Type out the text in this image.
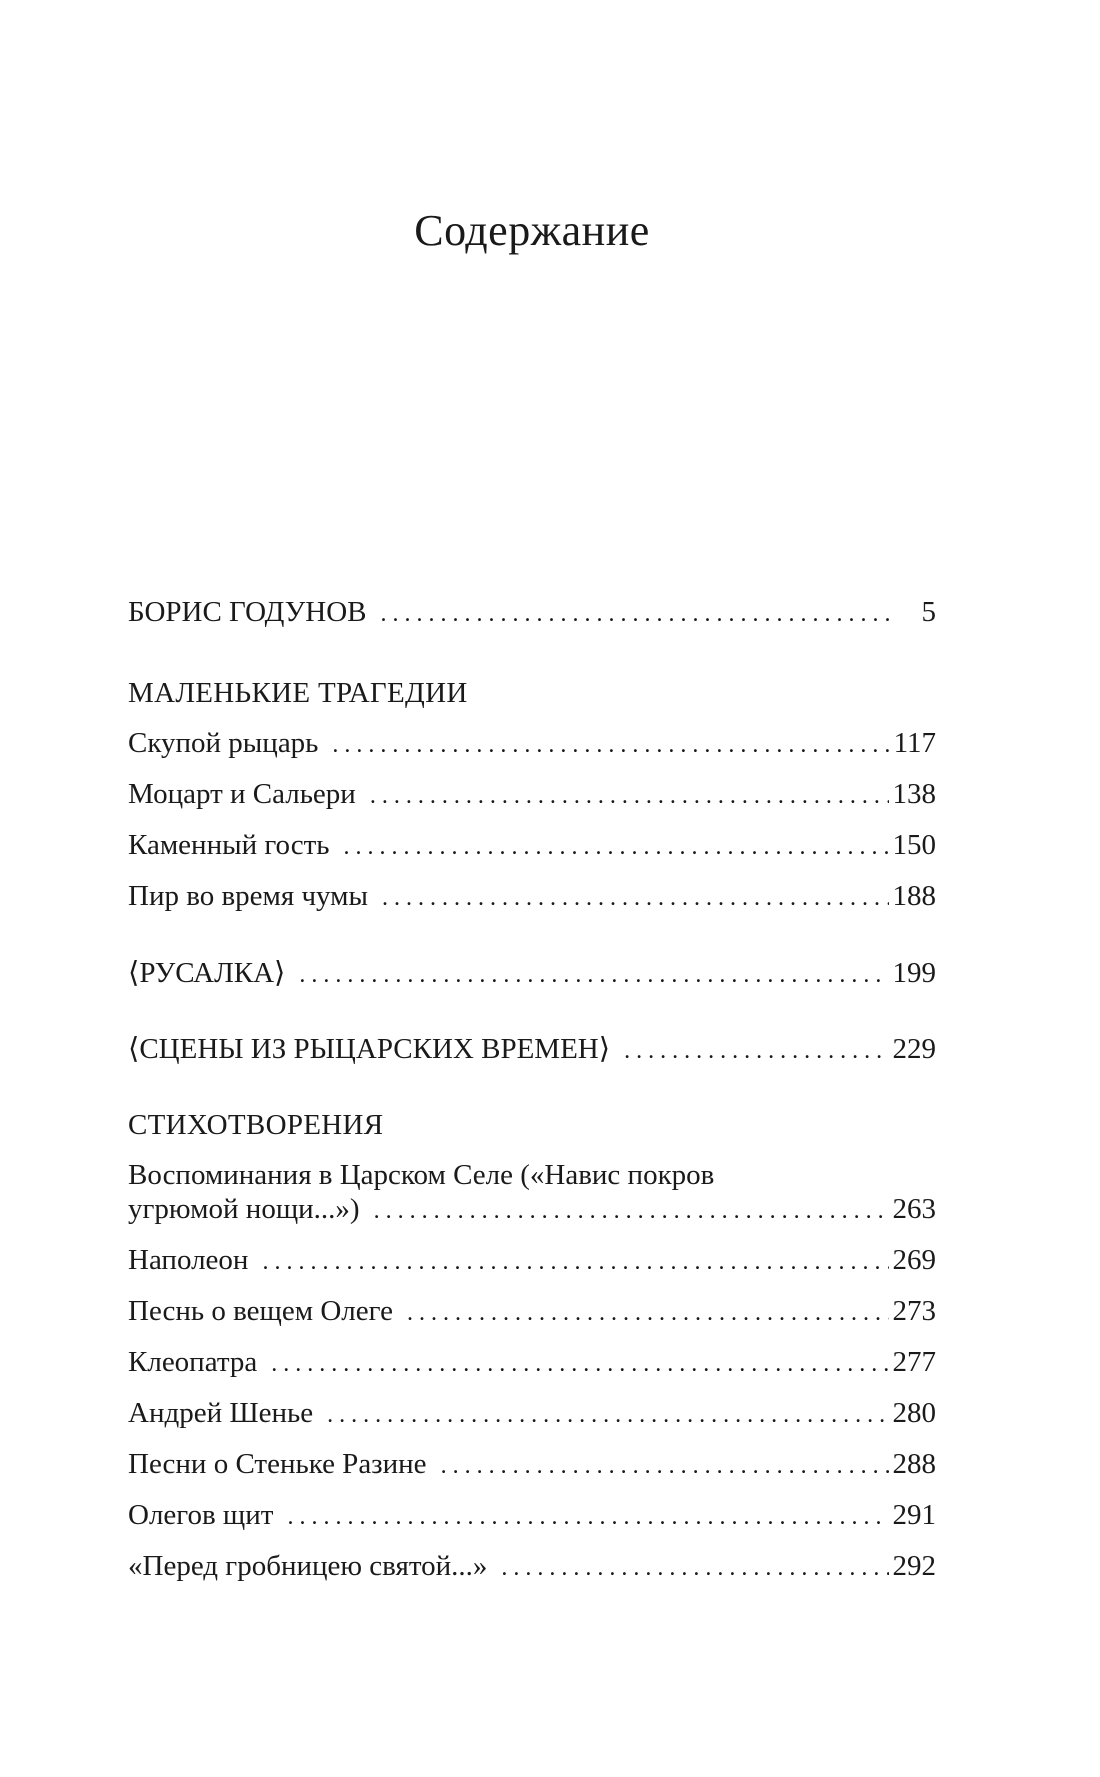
Содержание
БОРИС ГОДУНОВ . . .	5
МАЛЕНЬКИЕ ТРАГЕДИИ
Скупой рыцарь . . .	117
Моцарт и Сальери . . .	138
Каменный гость . . .	150
Пир во время чумы . . .	188
⟨РУСАЛКА⟩ . . .	199
⟨СЦЕНЫ ИЗ РЫЦАРСКИХ ВРЕМЕН⟩ . . .	229
СТИХОТВОРЕНИЯ
Воспоминания в Царском Селе («Навис покров
угрюмой нощи...») . . .	263
Наполеон . . .	269
Песнь о вещем Олеге . . .	273
Клеопатра . . .	277
Андрей Шенье . . .	280
Песни о Стеньке Разине . . .	288
Олегов щит . . .	291
«Перед гробницею святой...» . . .	292
